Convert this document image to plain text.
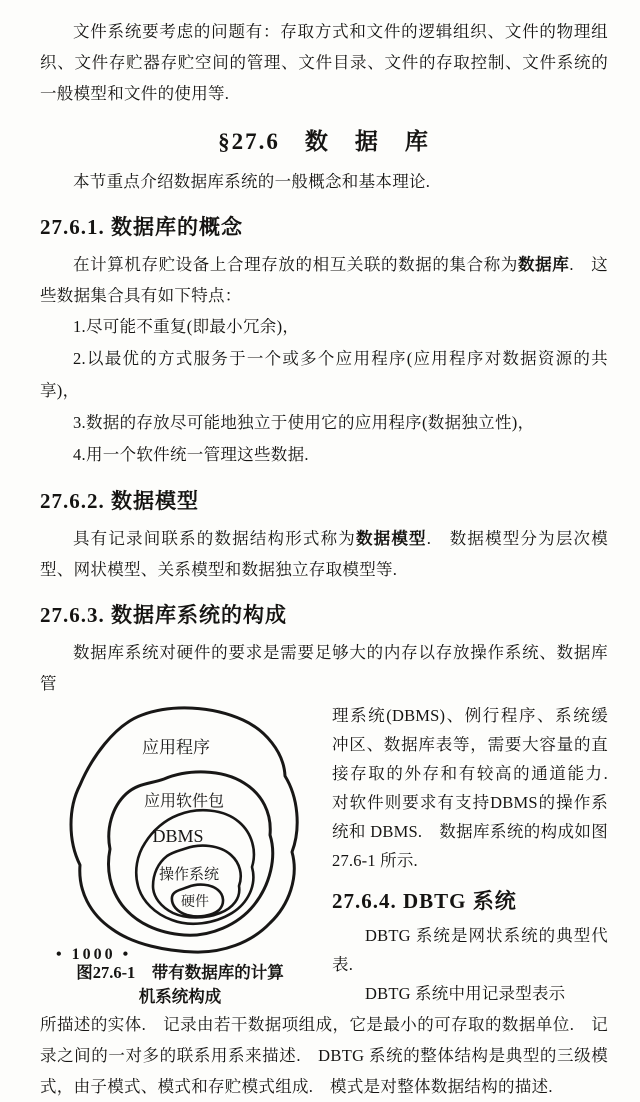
文件系统要考虑的问题有：存取方式和文件的逻辑组织、文件的物理组织、文件存贮器存贮空间的管理、文件目录、文件的存取控制、文件系统的一般模型和文件的使用等.

§27.6　数　据　库

本节重点介绍数据库系统的一般概念和基本理论.

27.6.1. 数据库的概念

在计算机存贮设备上合理存放的相互关联的数据的集合称为数据库.　这些数据集合具有如下特点：

1.尽可能不重复(即最小冗余)，
2.以最优的方式服务于一个或多个应用程序(应用程序对数据资源的共享)，
3.数据的存放尽可能地独立于使用它的应用程序(数据独立性)，
4.用一个软件统一管理这些数据.
27.6.2. 数据模型

具有记录间联系的数据结构形式称为数据模型.　数据模型分为层次模型、网状模型、关系模型和数据独立存取模型等.

27.6.3. 数据库系统的构成

数据库系统对硬件的要求是需要足够大的内存以存放操作系统、数据库管

应用程序
应用软件包
DBMS
操作系统
硬件
图27.6-1　带有数据库的计算
机系统构成

理系统(DBMS)、例行程序、系统缓冲区、数据库表等，需要大容量的直接存取的外存和有较高的通道能力.　对软件则要求有支持DBMS的操作系统和 DBMS.　数据库系统的构成如图 27.6-1 所示.

27.6.4. DBTG 系统

DBTG 系统是网状系统的典型代表.

DBTG 系统中用记录型表示

所描述的实体.　记录由若干数据项组成，它是最小的可存取的数据单位.　记录之间的一对多的联系用系来描述.　DBTG 系统的整体结构是典型的三级模式，由子模式、模式和存贮模式组成.　模式是对整体数据结构的描述.

• 1000 •
